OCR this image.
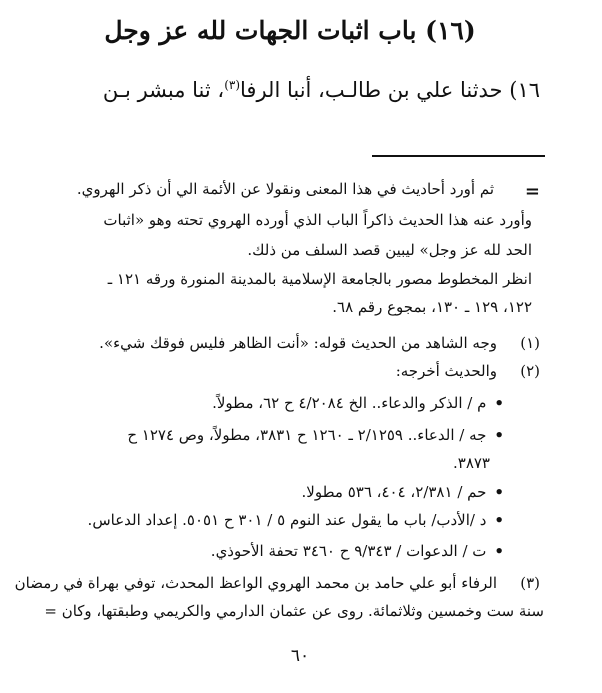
(١٦) باب اثبات الجهات لله عز وجل
١٦) حدثنا علي بن طالـب، أنبا الرفا$^{(٣)}$، ثنا مبشر بـن
=
ثم أورد أحاديث في هذا المعنى ونقولا عن الأئمة الي أن ذكر الهروي.
وأورد عنه هذا الحديث ذاكراً الباب الذي أورده الهروي تحته وهو «اثبات
الحد لله عز وجل» ليبين قصد السلف من ذلك.
انظر المخطوط مصور بالجامعة الإسلامية بالمدينة المنورة ورقه ١٢١ ـ
١٢٢، ١٢٩ ـ ١٣٠، بمجوع رقم ٦٨.
(١)
وجه الشاهد من الحديث قوله: «أنت الظاهر فليس فوقك شيء».
(٢)
والحديث أخرجه:
•م / الذكر والدعاء.. الخ ٤/٢٠٨٤ ح ٦٢، مطولاً.
•جه / الدعاء.. ٢/١٢٥٩ ـ ١٢٦٠ ح ٣٨٣١، مطولاً، وص ١٢٧٤ ح
٣٨٧٣.
•حم / ٢/٣٨١، ٤٠٤، ٥٣٦ مطولا.
•د /الأدب/ باب ما يقول عند النوم ٥ / ٣٠١ ح ٥٠٥١. إعداد الدعاس.
•ت / الدعوات / ٩/٣٤٣ ح ٣٤٦٠ تحفة الأحوذي.
(٣)
الرفاء أبو علي حامد بن محمد الهروي الواعظ المحدث، توفي بهراة في رمضان
سنة ست وخمسين وثلاثمائة. روى عن عثمان الدارمي والكريمي وطبقتها، وكان =
٦٠
